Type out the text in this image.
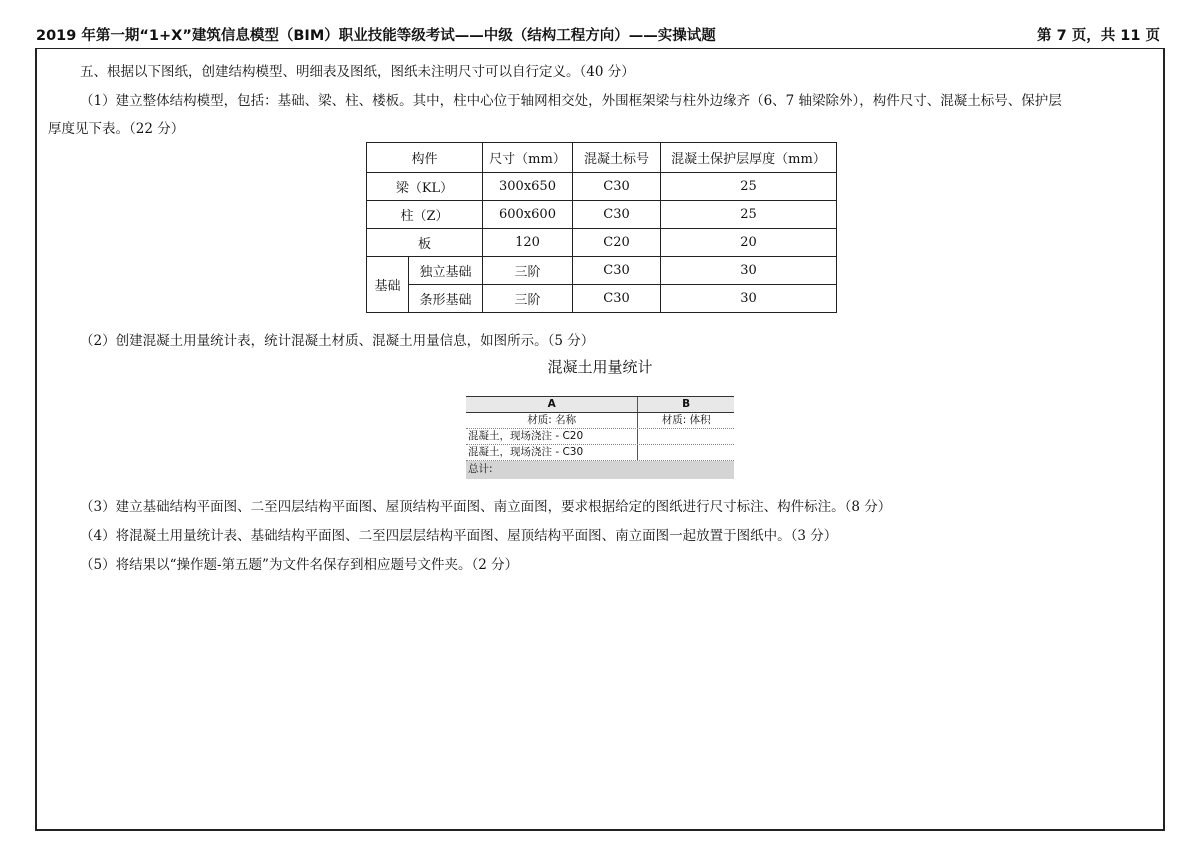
2019 年第一期“1+X”建筑信息模型（BIM）职业技能等级考试——中级（结构工程方向）——实操试题	第 7 页，共 11 页
五、根据以下图纸，创建结构模型、明细表及图纸，图纸未注明尺寸可以自行定义。（40 分）
（1）建立整体结构模型，包括：基础、梁、柱、楼板。其中，柱中心位于轴网相交处，外围框架梁与柱外边缘齐（6、7 轴梁除外），构件尺寸、混凝土标号、保护层
厚度见下表。（22 分）
构件		尺寸（mm）	混凝土标号	混凝土保护层厚度（mm）
梁（KL）		300x650	C30	25
柱（Z）		600x600	C30	25
板		120	C20	20
基础	独立基础	三阶	C30	30
	条形基础	三阶	C30	30
（2）创建混凝土用量统计表，统计混凝土材质、混凝土用量信息，如图所示。（5 分）
混凝土用量统计
A	B
材质: 名称	材质: 体积
混凝土，现场浇注 - C20
混凝土，现场浇注 - C30
总计:
（3）建立基础结构平面图、二至四层结构平面图、屋顶结构平面图、南立面图，要求根据给定的图纸进行尺寸标注、构件标注。（8 分）
（4）将混凝土用量统计表、基础结构平面图、二至四层层结构平面图、屋顶结构平面图、南立面图一起放置于图纸中。（3 分）
（5）将结果以“操作题-第五题”为文件名保存到相应题号文件夹。（2 分）
